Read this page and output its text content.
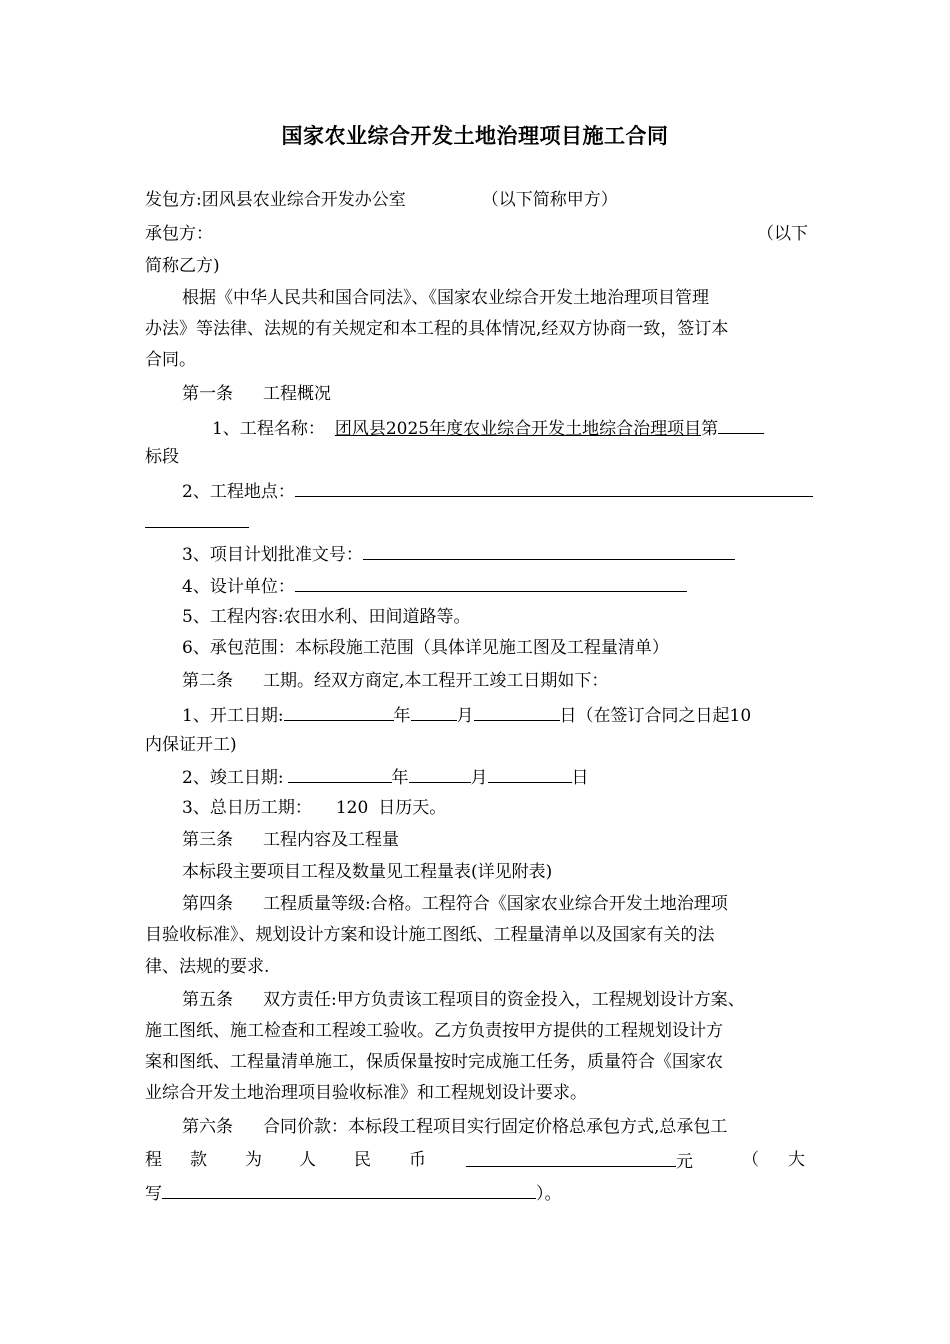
国家农业综合开发土地治理项目施工合同
发包方:团风县农业综合开发办公室	（以下简称甲方）
承包方：	（以下
简称乙方)
根据《中华人民共和国合同法》、《国家农业综合开发土地治理项目管理
办法》等法律、法规的有关规定和本工程的具体情况,经双方协商一致，签订本
合同。
第一条 工程概况
1、工程名称： 团风县2025年度农业综合开发土地综合治理项目第
标段
2、工程地点：
3、项目计划批准文号：
4、设计单位：
5、工程内容:农田水利、田间道路等。
6、承包范围：本标段施工范围（具体详见施工图及工程量清单）
第二条 工期。经双方商定,本工程开工竣工日期如下：
1、开工日期:	年	月	日（在签订合同之日起10
内保证开工)
2、竣工日期:	年	月	日
3、总日历工期： 120 日历天。
第三条 工程内容及工程量
本标段主要项目工程及数量见工程量表(详见附表)
第四条 工程质量等级:合格。工程符合《国家农业综合开发土地治理项
目验收标准》、规划设计方案和设计施工图纸、工程量清单以及国家有关的法
律、法规的要求.
第五条 双方责任:甲方负责该工程项目的资金投入，工程规划设计方案、
施工图纸、施工检查和工程竣工验收。乙方负责按甲方提供的工程规划设计方
案和图纸、工程量清单施工，保质保量按时完成施工任务，质量符合《国家农
业综合开发土地治理项目验收标准》和工程规划设计要求。
第六条 合同价款：本标段工程项目实行固定价格总承包方式,总承包工
程 款 为 人 民 币	元	（ 大
写	）。
